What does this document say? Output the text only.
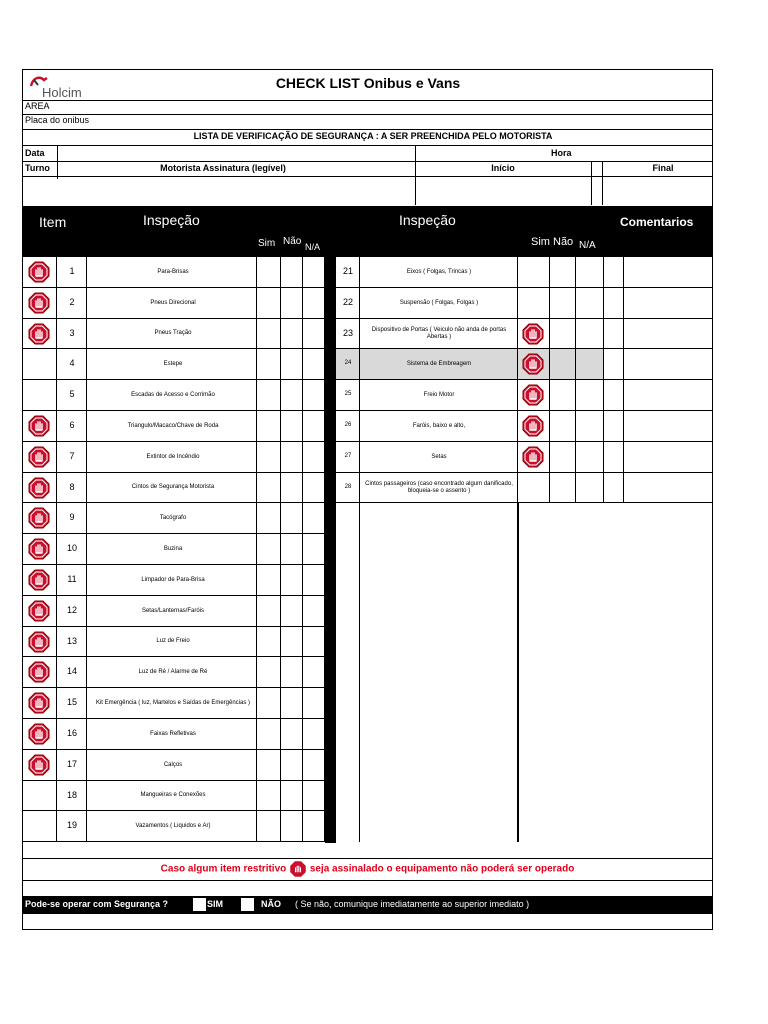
Holcim
CHECK LIST Onibus e Vans
AREA
Placa do onibus
LISTA DE VERIFICAÇÃO DE SEGURANÇA : A SER PREENCHIDA PELO MOTORISTA
Data	Hora
Turno	Motorista Assinatura (legível)	Início	Final
Item	Inspeção
Sim Não N/A
Inspeção
Sim Não N/A
Comentarios
1	Para-Brisas	21	Eixos ( Folgas, Trincas )
2	Pneus Direcional	22	Suspensão ( Folgas, Folgas )
3	Pneus Tração	23	Dispositivo de Portas ( Veiculo não anda de portas Abertas )
4	Estepe	24	Sistema de Embreagem
5	Escadas de Acesso e Corrimão	25	Freio Motor
6	Triangulo/Macaco/Chave de Roda	26	Faróis, baixo e alto,
7	Extintor de Incêndio	27	Setas
8	Cintos de Segurança Motorista	28	Cintos passageiros (caso encontrado algum danificado, bloqueia-se o assento )
9	Tacógrafo
10	Buzina
11	Limpador de Para-Brisa
12	Setas/Lanternas/Faróis
13	Luz de Freio
14	Luz de Ré / Alarme de Ré
15	Kit Emergência ( luz, Martelos e Saídas de Emergências )
16	Faixas Refletivas
17	Calços
18	Mangueiras e Conexões
19	Vazamentos ( Liquidos e Ar)
Caso algum item restritivo seja assinalado o equipamento não poderá ser operado
Pode-se operar com Segurança ?	SIM	NÃO ( Se não, comunique imediatamente ao superior imediato )
